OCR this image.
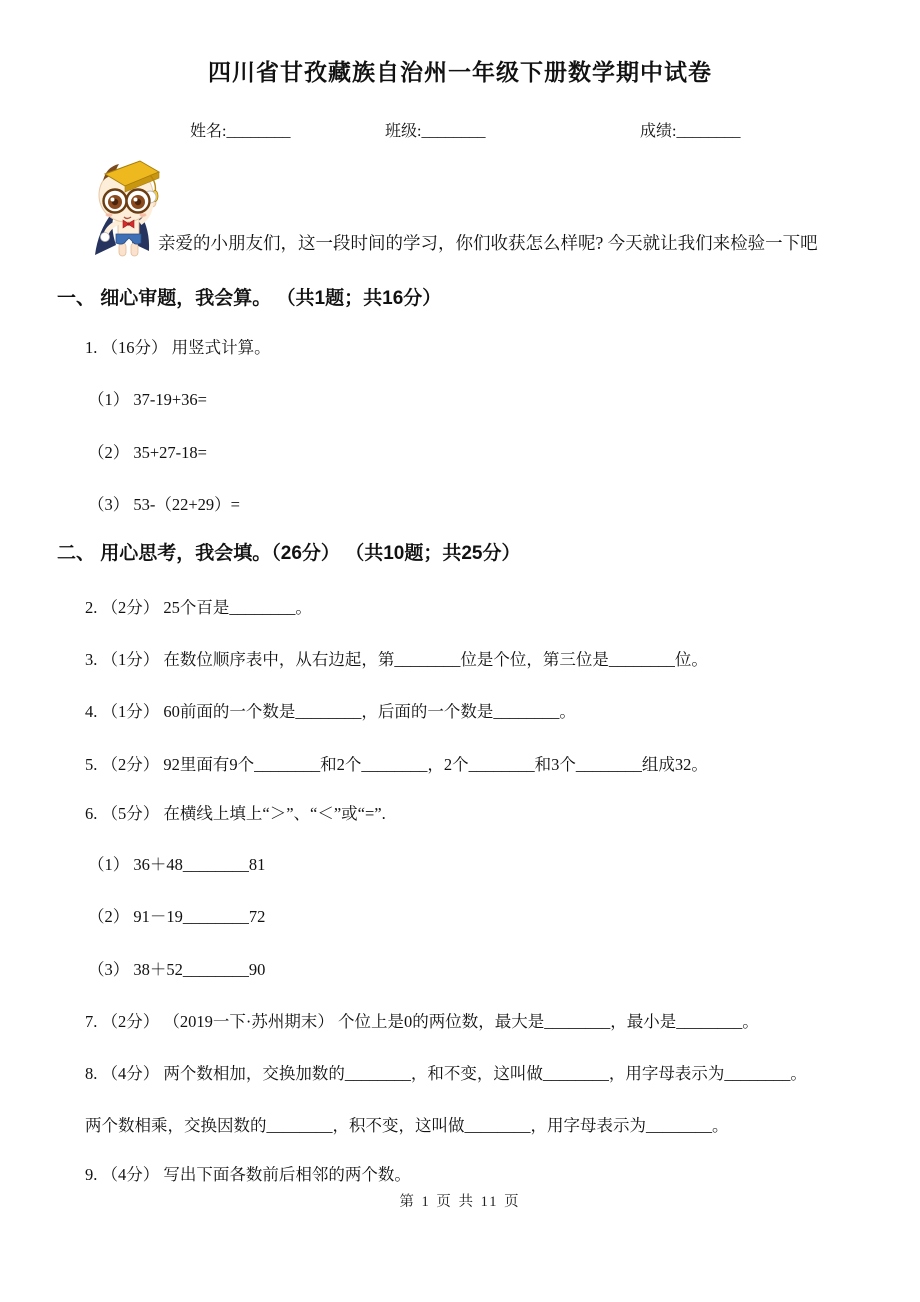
四川省甘孜藏族自治州一年级下册数学期中试卷
姓名:________	班级:________	成绩:________
亲爱的小朋友们，这一段时间的学习，你们收获怎么样呢? 今天就让我们来检验一下吧
一、 细心审题，我会算。 （共1题；共16分）
1. （16分） 用竖式计算。
（1） 37-19+36=
（2） 35+27-18=
（3） 53-（22+29）=
二、 用心思考，我会填。（26分） （共10题；共25分）
2. （2分） 25个百是________。
3. （1分） 在数位顺序表中，从右边起，第________位是个位，第三位是________位。
4. （1分） 60前面的一个数是________，后面的一个数是________。
5. （2分） 92里面有9个________和2个________，2个________和3个________组成32。
6. （5分） 在横线上填上“＞”、“＜”或“=”.
（1） 36＋48________81
（2） 91－19________72
（3） 38＋52________90
7. （2分） （2019一下·苏州期末） 个位上是0的两位数，最大是________，最小是________。
8. （4分） 两个数相加，交换加数的________，和不变，这叫做________，用字母表示为________。
两个数相乘，交换因数的________，积不变，这叫做________，用字母表示为________。
9. （4分） 写出下面各数前后相邻的两个数。
第 1 页 共 11 页
